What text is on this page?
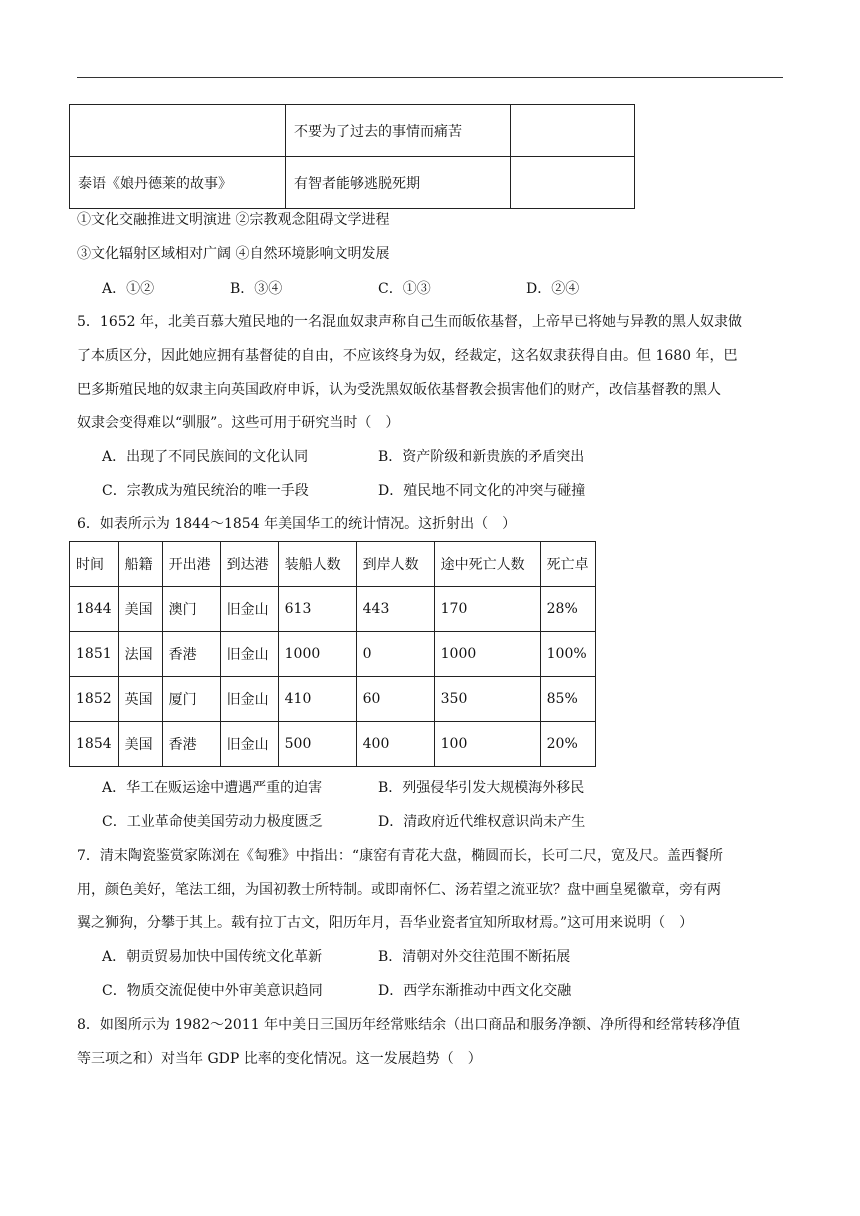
	不要为了过去的事情而痛苦	
泰语《娘丹德莱的故事》	有智者能够逃脱死期	
①文化交融推进文明演进 ②宗教观念阻碍文学进程
③文化辐射区域相对广阔 ④自然环境影响文明发展
A．①②	B．③④	C．①③	D．②④
5．1652 年，北美百慕大殖民地的一名混血奴隶声称自己生而皈依基督，上帝早已将她与异教的黑人奴隶做
了本质区分，因此她应拥有基督徒的自由，不应该终身为奴，经裁定，这名奴隶获得自由。但 1680 年，巴
巴多斯殖民地的奴隶主向英国政府申诉，认为受洗黑奴皈依基督教会损害他们的财产，改信基督教的黑人
奴隶会变得难以“驯服”。这些可用于研究当时（　）
A．出现了不同民族间的文化认同	B．资产阶级和新贵族的矛盾突出
C．宗教成为殖民统治的唯一手段	D．殖民地不同文化的冲突与碰撞
6．如表所示为 1844～1854 年美国华工的统计情况。这折射出（　）
时间	船籍	开出港	到达港	装船人数	到岸人数	途中死亡人数	死亡卓
1844	美国	澳门	旧金山	613	443	170	28%
1851	法国	香港	旧金山	1000	0	1000	100%
1852	英国	厦门	旧金山	410	60	350	85%
1854	美国	香港	旧金山	500	400	100	20%
A．华工在贩运途中遭遇严重的迫害	B．列强侵华引发大规模海外移民
C．工业革命使美国劳动力极度匮乏	D．清政府近代维权意识尚未产生
7．清末陶瓷鉴赏家陈浏在《匋雅》中指出：“康窑有青花大盘，椭圆而长，长可二尺，宽及尺。盖西餐所
用，颜色美好，笔法工细，为国初教士所特制。或即南怀仁、汤若望之流亚欤？盘中画皇冕徽章，旁有两
翼之狮狗，分攀于其上。载有拉丁古文，阳历年月，吾华业瓷者宜知所取材焉。”这可用来说明（　）
A．朝贡贸易加快中国传统文化革新	B．清朝对外交往范围不断拓展
C．物质交流促使中外审美意识趋同	D．西学东渐推动中西文化交融
8．如图所示为 1982～2011 年中美日三国历年经常账结余（出口商品和服务净额、净所得和经常转移净值
等三项之和）对当年 GDP 比率的变化情况。这一发展趋势（　）
